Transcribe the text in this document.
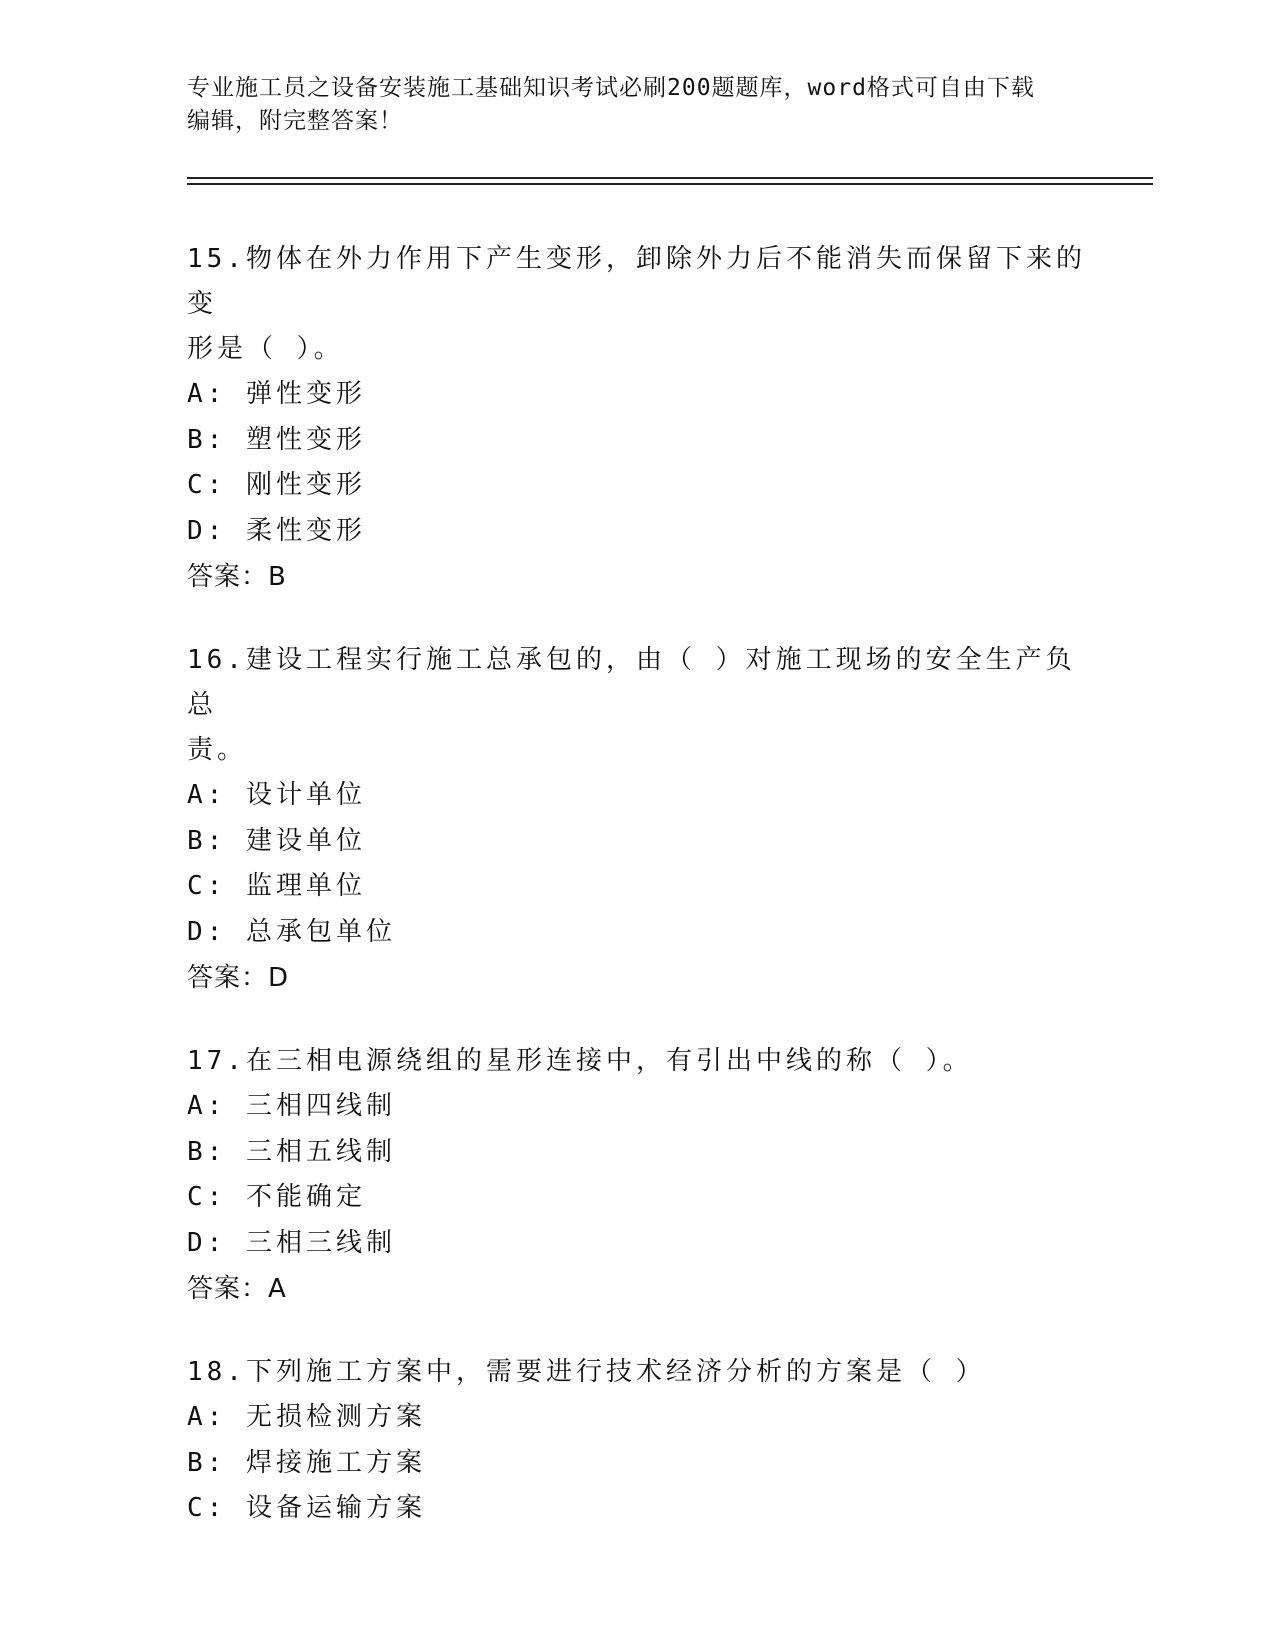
专业施工员之设备安装施工基础知识考试必刷200题题库，word格式可自由下载
编辑，附完整答案！
15.物体在外力作用下产生变形，卸除外力后不能消失而保留下来的变
形是（ ）。
A: 弹性变形
B: 塑性变形
C: 刚性变形
D: 柔性变形
答案：B
16.建设工程实行施工总承包的，由（ ）对施工现场的安全生产负总
责。
A: 设计单位
B: 建设单位
C: 监理单位
D: 总承包单位
答案：D
17.在三相电源绕组的星形连接中，有引出中线的称（ ）。
A: 三相四线制
B: 三相五线制
C: 不能确定
D: 三相三线制
答案：A
18.下列施工方案中，需要进行技术经济分析的方案是（ ）
A: 无损检测方案
B: 焊接施工方案
C: 设备运输方案
